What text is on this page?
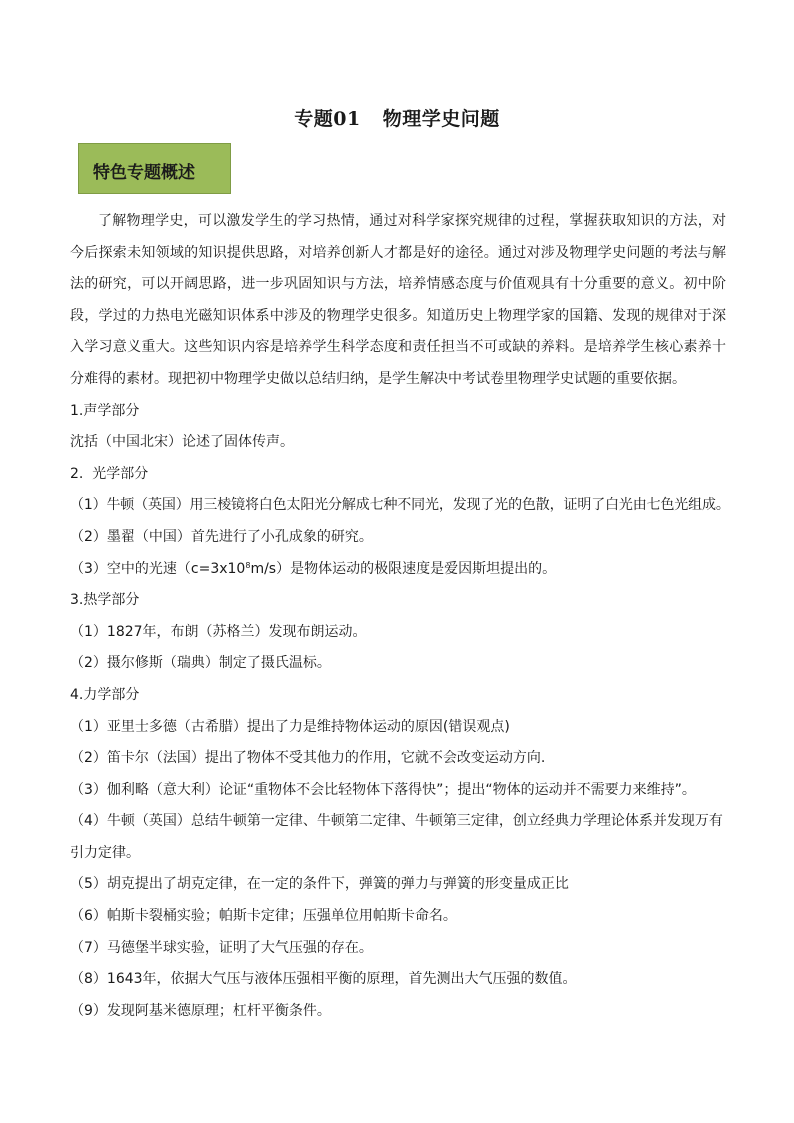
专题01 物理学史问题
特色专题概述

了解物理学史，可以激发学生的学习热情，通过对科学家探究规律的过程，掌握获取知识的方法，对今后探索未知领域的知识提供思路，对培养创新人才都是好的途径。通过对涉及物理学史问题的考法与解法的研究，可以开阔思路，进一步巩固知识与方法，培养情感态度与价值观具有十分重要的意义。初中阶段，学过的力热电光磁知识体系中涉及的物理学史很多。知道历史上物理学家的国籍、发现的规律对于深入学习意义重大。这些知识内容是培养学生科学态度和责任担当不可或缺的养料。是培养学生核心素养十分难得的素材。现把初中物理学史做以总结归纳，是学生解决中考试卷里物理学史试题的重要依据。

1.声学部分

沈括（中国北宋）论述了固体传声。

2.  光学部分

（1）牛顿（英国）用三棱镜将白色太阳光分解成七种不同光，发现了光的色散，证明了白光由七色光组成。

（2）墨翟（中国）首先进行了小孔成象的研究。

（3）空中的光速$(c=3x10^8m/s)$是物体运动的极限速度是爱因斯坦提出的。

3.热学部分

（1）1827年，布朗（苏格兰）发现布朗运动。

（2）摄尔修斯（瑞典）制定了摄氏温标。

4.力学部分

（1）亚里士多德（古希腊）提出了力是维持物体运动的原因(错误观点)

（2）笛卡尔（法国）提出了物体不受其他力的作用，它就不会改变运动方向.

（3）伽利略（意大利）论证“重物体不会比轻物体下落得快”；提出“物体的运动并不需要力来维持”。

（4）牛顿（英国）总结牛顿第一定律、牛顿第二定律、牛顿第三定律，创立经典力学理论体系并发现万有引力定律。

（5）胡克提出了胡克定律，在一定的条件下，弹簧的弹力与弹簧的形变量成正比

（6）帕斯卡裂桶实验；帕斯卡定律；压强单位用帕斯卡命名。

（7）马德堡半球实验，证明了大气压强的存在。

（8）1643年，依据大气压与液体压强相平衡的原理，首先测出大气压强的数值。

（9）发现阿基米德原理；杠杆平衡条件。
